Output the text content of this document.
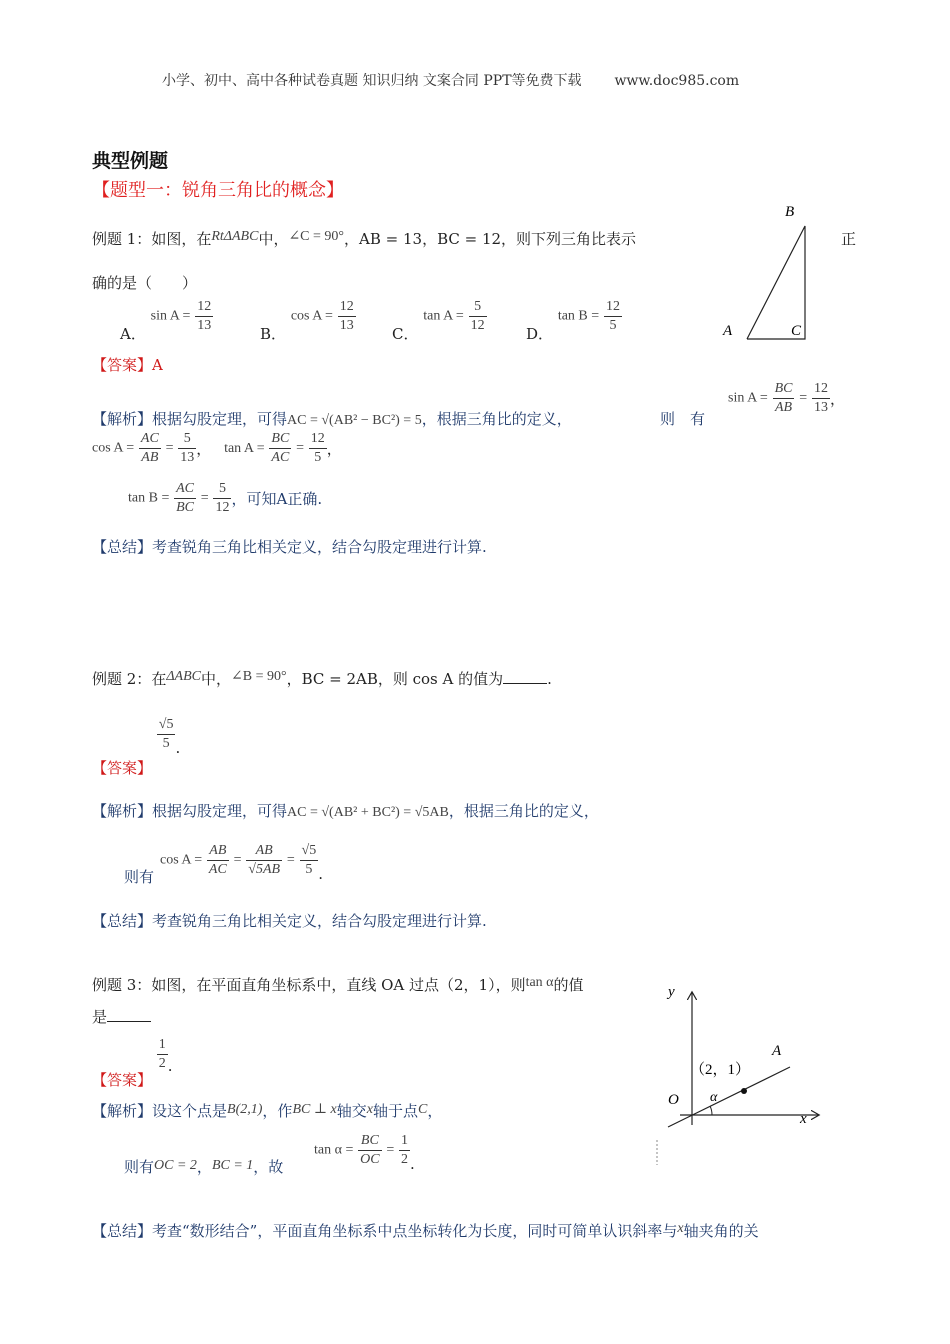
小学、初中、高中各种试卷真题 知识归纳 文案合同 PPT等免费下载 www.doc985.com
典型例题
【题型一：锐角三角比的概念】
例题 1：如图，在RtΔABC中，∠C = 90°，AB = 13，BC = 12，则下列三角比表示	正
确的是（　　）
A． $\sin A = \frac{12}{13}$	B． $\cos A = \frac{12}{13}$ C． $\tan A = \frac{5}{12}$	D． $\tan B = \frac{12}{5}$
B
A	C
【答案】A
【解析】根据勾股定理，可得AC = √(AB² − BC²) = 5，根据三角比的定义，	则　有
$\sin A = \frac{BC}{AB} = \frac{12}{13}$ ，
$\cos A = \frac{AC}{AB} = \frac{5}{13}$ ， $\tan A = \frac{BC}{AC} = \frac{12}{5}$ ，
$\tan B = \frac{AC}{BC} = \frac{5}{12}$ ，可知A正确.
【总结】考查锐角三角比相关定义，结合勾股定理进行计算.
例题 2：在ΔABC中，∠B = 90°，BC = 2AB，则 cos A 的值为	.
【答案】
$\frac{√5}{5}$ .
【解析】根据勾股定理，可得AC = √(AB² + BC²) = √5AB，根据三角比的定义，
则有
$\cos A = \frac{AB}{AC} = \frac{AB}{√5AB} = \frac{√5}{5}$ .
【总结】考查锐角三角比相关定义，结合勾股定理进行计算.
例题 3：如图，在平面直角坐标系中，直线 OA 过点（2，1），则tan α的值
是
【答案】
$\frac{1}{2}$ .
【解析】设这个点是B(2,1)，作BC ⊥ x轴交x轴于点C，
则有OC = 2，BC = 1，故
$\tan \alpha = \frac{BC}{OC} = \frac{1}{2}$ .
【总结】考查“数形结合”，平面直角坐标系中点坐标转化为长度，同时可简单认识斜率与x轴夹角的关
y
x
O
A
（2，1）
α
